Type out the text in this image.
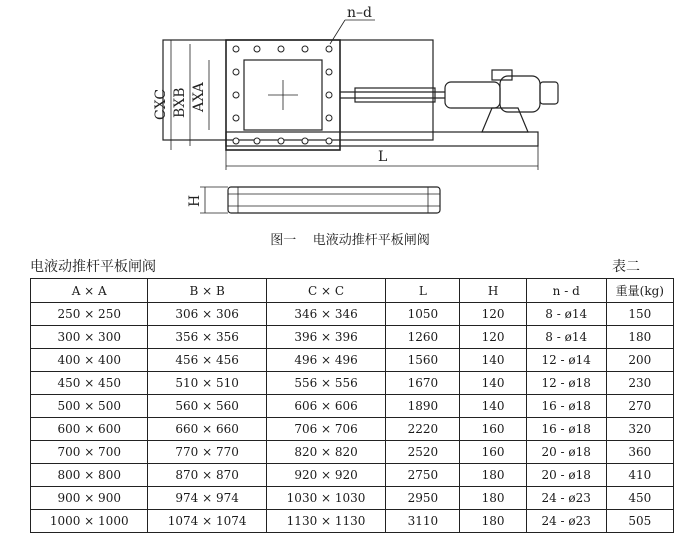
n–d
CXC BXB AXA
L
H
图一 电液动推杆平板闸阀
电液动推杆平板闸阀	表二
A × A	B × B	C × C	L	H	n - d	重量(kg)
250 × 250	306 × 306	346 × 346	1050	120	8 - ø14	150
300 × 300	356 × 356	396 × 396	1260	120	8 - ø14	180
400 × 400	456 × 456	496 × 496	1560	140	12 - ø14	200
450 × 450	510 × 510	556 × 556	1670	140	12 - ø18	230
500 × 500	560 × 560	606 × 606	1890	140	16 - ø18	270
600 × 600	660 × 660	706 × 706	2220	160	16 - ø18	320
700 × 700	770 × 770	820 × 820	2520	160	20 - ø18	360
800 × 800	870 × 870	920 × 920	2750	180	20 - ø18	410
900 × 900	974 × 974	1030 × 1030	2950	180	24 - ø23	450
1000 × 1000	1074 × 1074	1130 × 1130	3110	180	24 - ø23	505
